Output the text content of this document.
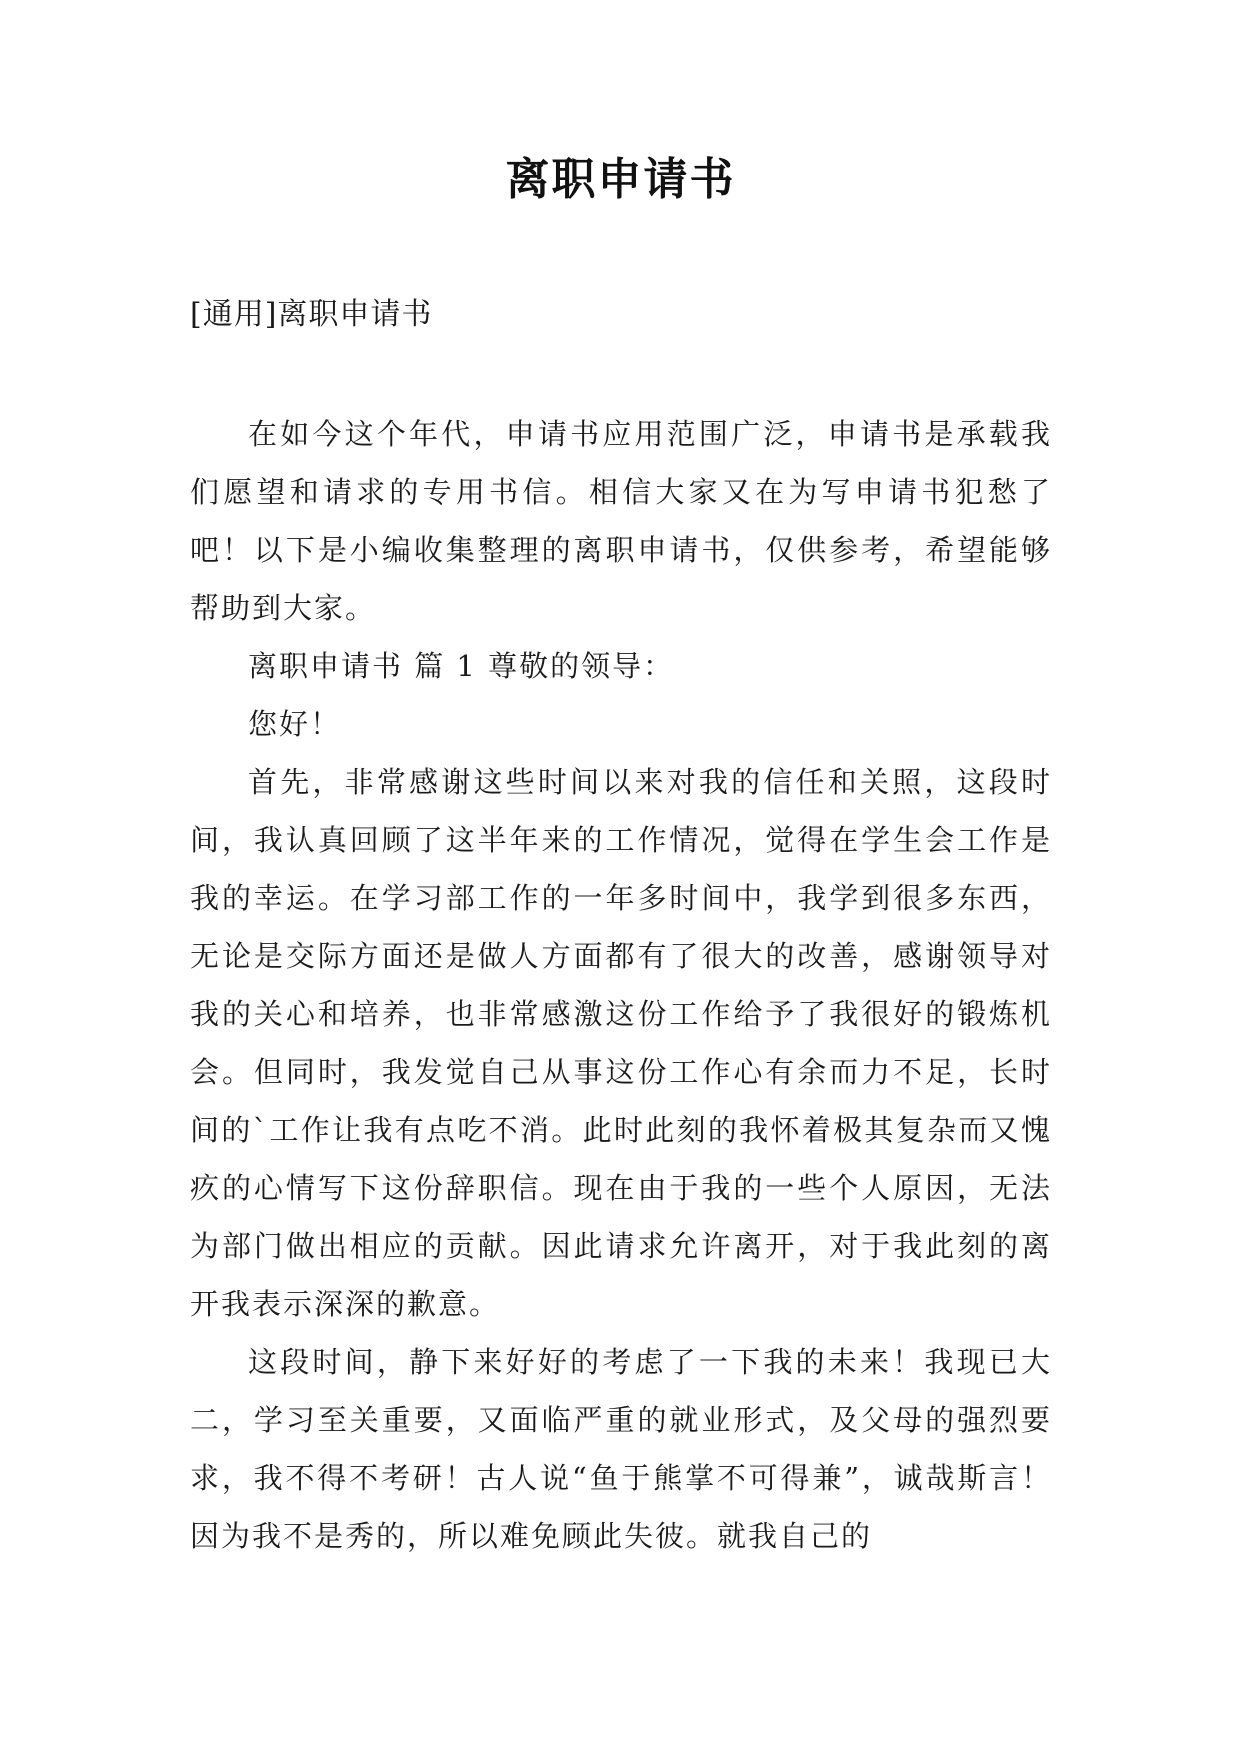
离职申请书

[通用]离职申请书

在如今这个年代，申请书应用范围广泛，申请书是承载我们愿望和请求的专用书信。相信大家又在为写申请书犯愁了吧！以下是小编收集整理的离职申请书，仅供参考，希望能够帮助到大家。

离职申请书 篇 1 尊敬的领导：

您好！

首先，非常感谢这些时间以来对我的信任和关照，这段时间，我认真回顾了这半年来的工作情况，觉得在学生会工作是我的幸运。在学习部工作的一年多时间中，我学到很多东西，无论是交际方面还是做人方面都有了很大的改善，感谢领导对我的关心和培养，也非常感激这份工作给予了我很好的锻炼机会。但同时，我发觉自己从事这份工作心有余而力不足，长时间的`工作让我有点吃不消。此时此刻的我怀着极其复杂而又愧疚的心情写下这份辞职信。现在由于我的一些个人原因，无法为部门做出相应的贡献。因此请求允许离开，对于我此刻的离开我表示深深的歉意。

这段时间，静下来好好的考虑了一下我的未来！我现已大二，学习至关重要，又面临严重的就业形式，及父母的强烈要求，我不得不考研！古人说“鱼于熊掌不可得兼”，诚哉斯言！因为我不是秀的，所以难免顾此失彼。就我自己的
